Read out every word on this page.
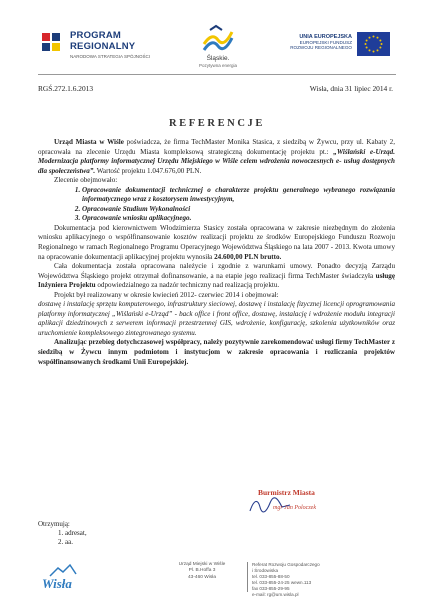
PROGRAM
REGIONALNY
NARODOWA STRATEGIA SPÓJNOŚCI	Śląskie.
Pozytywna energia
UNIA EUROPEJSKA
EUROPEJSKI FUNDUSZ
ROZWOJU REGIONALNEGO
RGŚ.272.1.6.2013	Wisła, dnia 31 lipiec 2014 r.
REFERENCJE

Urząd Miasta w Wiśle poświadcza, że firma TechMaster Monika Stasica, z siedzibą w Żywcu, przy ul. Kabaty 2, opracowała na zlecenie Urzędu Miasta kompleksową strategiczną dokumentację projektu pt.: „Wiślański e-Urząd. Modernizacja platformy informatycznej Urzędu Miejskiego w Wiśle celem wdrożenia nowoczesnych e- usług dostępnych dla społeczeństwa”. Wartość projektu 1.047.676,00 PLN.

Zlecenie obejmowało:

1. Opracowanie dokumentacji technicznej o charakterze projektu generalnego wybranego rozwiązania informatycznego wraz z kosztorysem inwestycyjnym,
2. Opracowanie Studium Wykonalności
3. Opracowanie wniosku aplikacyjnego.

Dokumentacja pod kierownictwem Włodzimierza Stasicy została opracowana w zakresie niezbędnym do złożenia wniosku aplikacyjnego o współfinansowanie kosztów realizacji projektu ze środków Europejskiego Funduszu Rozwoju Regionalnego w ramach Regionalnego Programu Operacyjnego Województwa Śląskiego na lata 2007 - 2013. Kwota umowy na opracowanie dokumentacji aplikacyjnej projektu wynosiła 24.600,00 PLN brutto.

Cała dokumentacja została opracowana należycie i zgodnie z warunkami umowy. Ponadto decyzją Zarządu Województwa Śląskiego projekt otrzymał dofinansowanie, a na etapie jego realizacji firma TechMaster świadczyła usługę Inżyniera Projektu odpowiedzialnego za nadzór techniczny nad realizacją projektu.

Projekt był realizowany w okresie kwiecień 2012- czerwiec 2014 i obejmował:

dostawę i instalację sprzętu komputerowego, infrastruktury sieciowej, dostawę i instalację fizycznej licencji oprogramowania platformy informatycznej „Wiślański e-Urząd” - back office i front office, dostawę, instalację i wdrożenie modułu integracji aplikacji dziedzinowych z serwerem informacji przestrzennej GIS, wdrożenie, konfigurację, szkolenia użytkowników oraz uruchomienie kompleksowego zintegrowanego systemu.

Analizując przebieg dotychczasowej współpracy, należy pozytywnie zarekomendować usługi firmy TechMaster z siedzibą w Żywcu innym podmiotom i instytucjom w zakresie opracowania i rozliczania projektów współfinansowanych środkami Unii Europejskiej.

Burmistrz Miasta
mgr Jan Poloczek
Otrzymują:
1. adresat,
2. aa.
Wisła
Urząd Miejski w Wiśle
Pl. B.Hoffa 3
43-460 Wisła
Referat Rozwoju Gospodarczego
i Środowiska
tel. 033-855-88-50
tel. 033-855-24-25 wewn.113
fax 033-855-29-95
e-mail: rg@um.wisla.pl
